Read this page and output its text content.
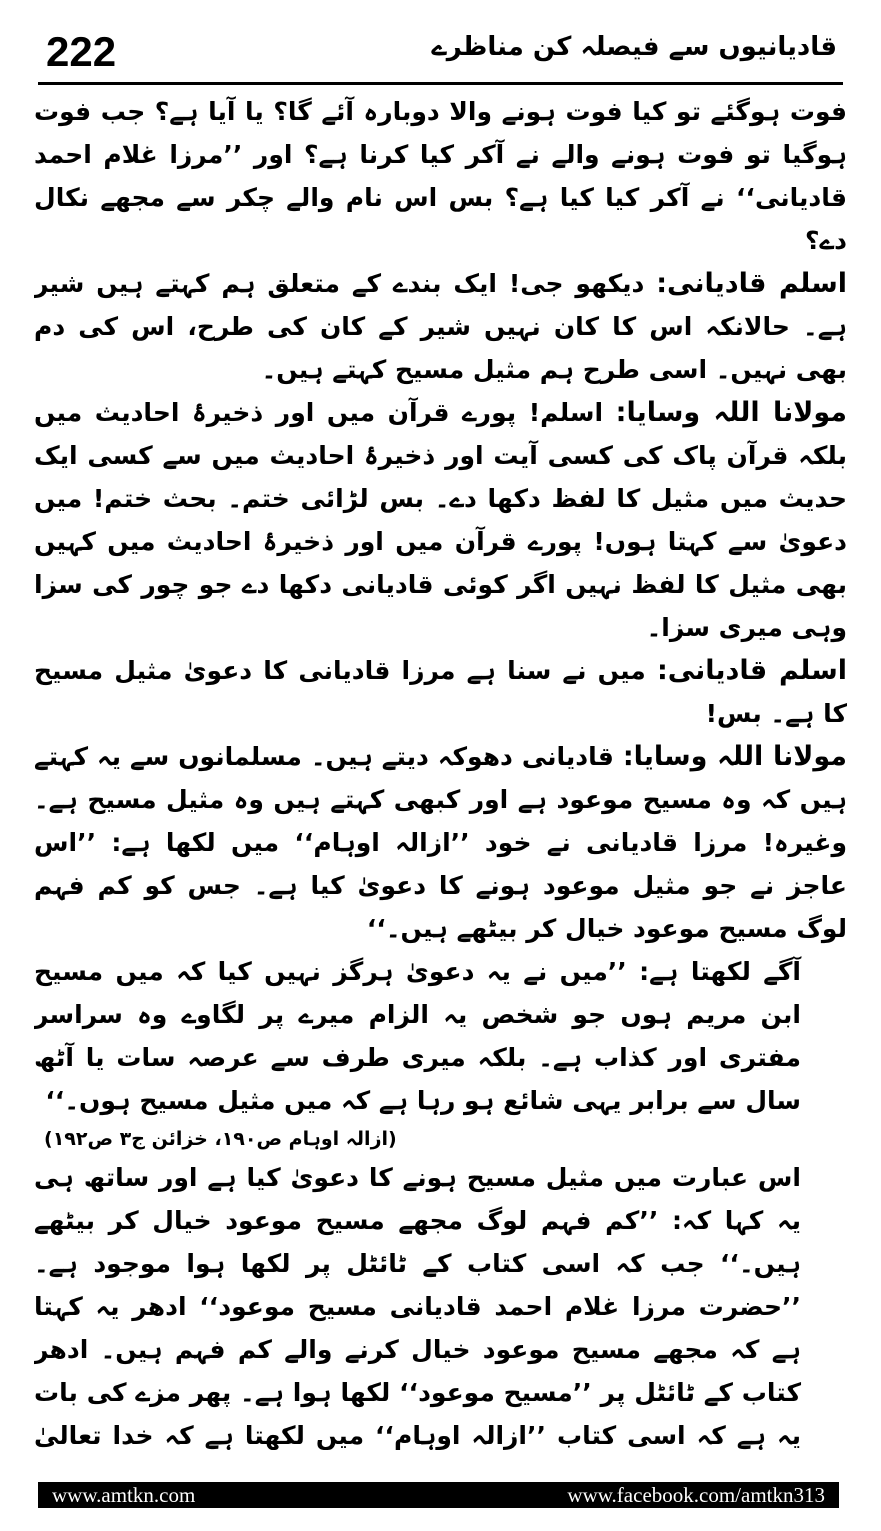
222	قادیانیوں سے فیصلہ کن مناظرے

فوت ہوگئے تو کیا فوت ہونے والا دوبارہ آئے گا؟ یا آیا ہے؟ جب فوت ہوگیا تو فوت ہونے والے نے آکر کیا کرنا ہے؟ اور ’’مرزا غلام احمد قادیانی‘‘ نے آکر کیا کیا ہے؟ بس اس نام والے چکر سے مجھے نکال دے؟

اسلم قادیانی: دیکھو جی! ایک بندے کے متعلق ہم کہتے ہیں شیر ہے۔ حالانکہ اس کا کان نہیں شیر کے کان کی طرح، اس کی دم بھی نہیں۔ اسی طرح ہم مثیل مسیح کہتے ہیں۔

مولانا اللہ وسایا: اسلم! پورے قرآن میں اور ذخیرۂ احادیث میں بلکہ قرآن پاک کی کسی آیت اور ذخیرۂ احادیث میں سے کسی ایک حدیث میں مثیل کا لفظ دکھا دے۔ بس لڑائی ختم۔ بحث ختم! میں دعویٰ سے کہتا ہوں! پورے قرآن میں اور ذخیرۂ احادیث میں کہیں بھی مثیل کا لفظ نہیں اگر کوئی قادیانی دکھا دے جو چور کی سزا وہی میری سزا۔

اسلم قادیانی: میں نے سنا ہے مرزا قادیانی کا دعویٰ مثیل مسیح کا ہے۔ بس!

مولانا اللہ وسایا: قادیانی دھوکہ دیتے ہیں۔ مسلمانوں سے یہ کہتے ہیں کہ وہ مسیح موعود ہے اور کبھی کہتے ہیں وہ مثیل مسیح ہے۔ وغیرہ! مرزا قادیانی نے خود ’’ازالہ اوہام‘‘ میں لکھا ہے: ’’اس عاجز نے جو مثیل موعود ہونے کا دعویٰ کیا ہے۔ جس کو کم فہم لوگ مسیح موعود خیال کر بیٹھے ہیں۔‘‘

آگے لکھتا ہے: ’’میں نے یہ دعویٰ ہرگز نہیں کیا کہ میں مسیح ابن مریم ہوں جو شخص یہ الزام میرے پر لگاوے وہ سراسر مفتری اور کذاب ہے۔ بلکہ میری طرف سے عرصہ سات یا آٹھ سال سے برابر یہی شائع ہو رہا ہے کہ میں مثیل مسیح ہوں۔‘‘

(ازالہ اوہام ص۱۹۰، خزائن ج۳ ص۱۹۲)

اس عبارت میں مثیل مسیح ہونے کا دعویٰ کیا ہے اور ساتھ ہی یہ کہا کہ: ’’کم فہم لوگ مجھے مسیح موعود خیال کر بیٹھے ہیں۔‘‘ جب کہ اسی کتاب کے ٹائٹل پر لکھا ہوا موجود ہے۔ ’’حضرت مرزا غلام احمد قادیانی مسیح موعود‘‘ ادھر یہ کہتا ہے کہ مجھے مسیح موعود خیال کرنے والے کم فہم ہیں۔ ادھر کتاب کے ٹائٹل پر ’’مسیح موعود‘‘ لکھا ہوا ہے۔ پھر مزے کی بات یہ ہے کہ اسی کتاب ’’ازالہ اوہام‘‘ میں لکھتا ہے کہ خدا تعالیٰ

www.amtkn.com	www.facebook.com/amtkn313
